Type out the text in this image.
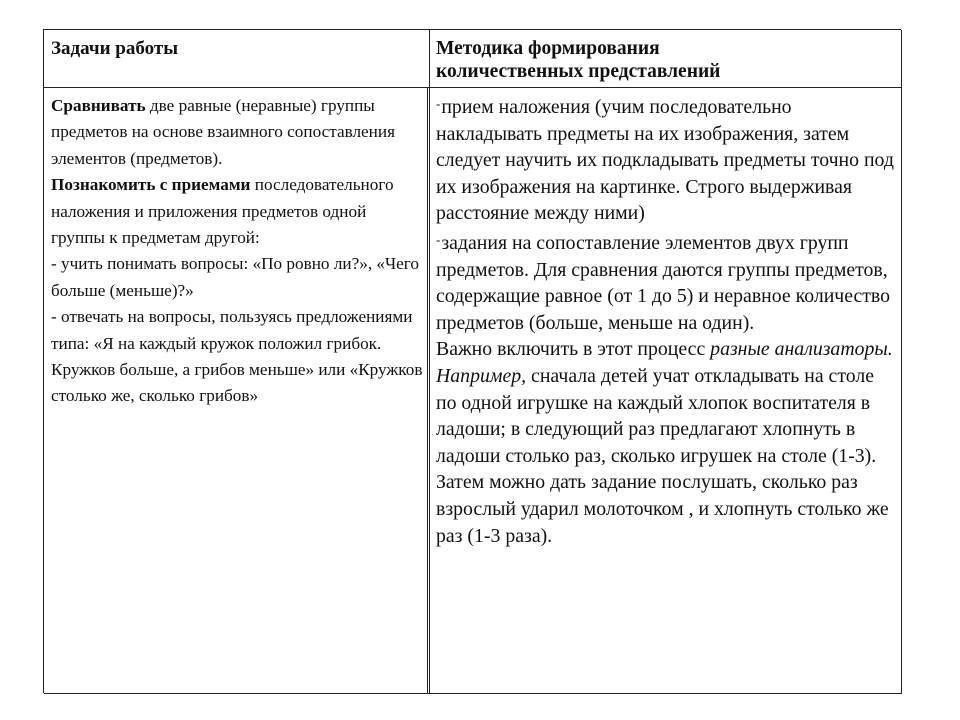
Задачи работы	Методика формирования
количественных представлений

Сравнивать две равные (неравные) группы предметов на основе взаимного сопоставления элементов (предметов).

Познакомить с приемами последовательного наложения и приложения предметов одной группы к предметам другой:

- учить понимать вопросы: «По ровно ли?», «Чего больше (меньше)?»

- отвечать на вопросы, пользуясь предложениями типа: «Я на каждый кружок положил грибок. Кружков больше, а грибов меньше» или «Кружков столько же, сколько грибов»

-прием наложения (учим последовательно накладывать предметы на их изображения, затем следует научить их подкладывать предметы точно под их изображения на картинке. Строго выдерживая расстояние между ними)

-задания на сопоставление элементов двух групп предметов. Для сравнения даются группы предметов, содержащие равное (от 1 до 5) и неравное количество предметов (больше, меньше на один).

Важно включить в этот процесс разные анализаторы.

Например, сначала детей учат откладывать на столе по одной игрушке на каждый хлопок воспитателя в ладоши; в следующий раз предлагают хлопнуть в ладоши столько раз, сколько игрушек на столе (1-3). Затем можно дать задание послушать, сколько раз взрослый ударил молоточком , и хлопнуть столько же раз (1-3 раза).
